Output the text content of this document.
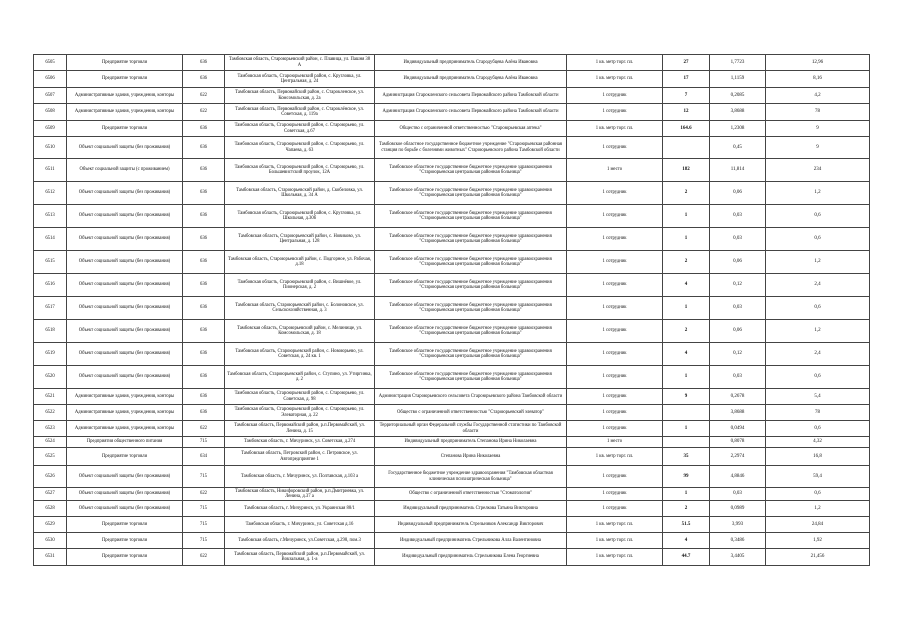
6505	Предприятие торговли	636	Тамбовская область, Староюрьевский район, с. Плавица, ул. Пашня 38 А	Индивидуальный предприниматель Стародубцева Алёна Ивановна	1 кв. метр торг. пл.	27	1,7723	12,96
6506	Предприятие торговли	636	Тамбовская область, Староюрьевский район, с. Кругловка, ул. Центральная, д. 24	Индивидуальный предприниматель Стародубцева Алёна Ивановна	1 кв. метр торг. пл.	17	1,1159	8,16
6507	Административные здания, учреждения, конторы	622	Тамбовская область, Первомайский район, с. Старокленское, ул. Комсомольская, д. 2а	Администрация Старокленского сельсовета Первомайского района Тамбовской области	1 сотрудник	7	0,2085	4,2
6508	Административные здания, учреждения, конторы	622	Тамбовская область, Первомайский район, с. Староклёнское, ул. Советская, д. 119а	Администрация Старокленского сельсовета Первомайского района Тамбовской области	1 сотрудник	12	3,8688	78
6509	Предприятие торговли	636	Тамбовская область, Староюрьевский район, с. Староюрьево, ул. Советская, д.67	Общество с ограниченной ответственностью "Староюрьевская аптека"	1 кв. метр торг. пл.	164.6	1,2308	9
6510	Объект социальной защиты (без проживания)	636	Тамбовская область, Староюрьевский район, с. Староюрьево, ул. Чапаева, д. 63	Тамбовское областное государственное бюджетное учреждение "Староюрьевская районная станция по борьбе с болезнями животных" Староюрьевского района Тамбовской области	1 сотрудник		0,45	9
6511	Объект социальной защиты (с проживанием)	636	Тамбовская область, Староюрьевский район, с. Староюрьево, ул. Большевистский проулок, 12А	Тамбовское областное государственное бюджетное учреждение здравоохранения "Староюрьевская центральная районная больница"	1 место	182	11,814	234
6512	Объект социальной защиты (без проживания)	636	Тамбовская область, Староюрьевский район, д. Скобеловка, ул. Школьная, д. 34 А	Тамбовское областное государственное бюджетное учреждение здравоохранения "Староюрьевская центральная районная больница"	1 сотрудник	2	0,06	1,2
6513	Объект социальной защиты (без проживания)	636	Тамбовская область, Староюрьевский район, с. Кругловка, ул. Школьная, д.30б	Тамбовское областное государственное бюджетное учреждение здравоохранения "Староюрьевская центральная районная больница"	1 сотрудник	1	0,03	0,6
6514	Объект социальной защиты (без проживания)	636	Тамбовская область, Староюрьевский район, с. Новиково, ул. Центральная, д. 128	Тамбовское областное государственное бюджетное учреждение здравоохранения "Староюрьевская центральная районная больница"	1 сотрудник	1	0,03	0,6
6515	Объект социальной защиты (без проживания)	636	Тамбовская область, Староюрьевский район, с. Подгорное, ул. Рабочая, д.18	Тамбовское областное государственное бюджетное учреждение здравоохранения "Староюрьевская центральная районная больница"	1 сотрудник	2	0,06	1,2
6516	Объект социальной защиты (без проживания)	636	Тамбовская область, Староюрьевский район, с. Вишнёвое, ул. Пионерская, д. 2	Тамбовское областное государственное бюджетное учреждение здравоохранения "Староюрьевская центральная районная больница"	1 сотрудник	4	0,12	2,4
6517	Объект социальной защиты (без проживания)	636	Тамбовская область, Староюрьевский район, с. Болоновское, ул. Сельскохозяйственная, д. 3	Тамбовское областное государственное бюджетное учреждение здравоохранения "Староюрьевская центральная районная больница"	1 сотрудник	1	0,03	0,6
6518	Объект социальной защиты (без проживания)	636	Тамбовская область, Староюрьевский район, с. Мелинище, ул. Комсомольская, д. 18	Тамбовское областное государственное бюджетное учреждение здравоохранения "Староюрьевская центральная районная больница"	1 сотрудник	2	0,06	1,2
6519	Объект социальной защиты (без проживания)	636	Тамбовская область, Староюрьевский район, с. Новоюрьево, ул. Советская, д. 24 кв. 1	Тамбовское областное государственное бюджетное учреждение здравоохранения "Староюрьевская центральная районная больница"	1 сотрудник	4	0,12	2,4
6520	Объект социальной защиты (без проживания)	636	Тамбовская область, Староюрьевский район, с. Ступино, ул. Утиргинка, д. 2	Тамбовское областное государственное бюджетное учреждение здравоохранения "Староюрьевская центральная районная больница"	1 сотрудник	1	0,03	0,6
6521	Административные здания, учреждения, конторы	636	Тамбовская область, Староюрьевский район, с. Староюрьево, ул. Советская, д. 98	Администрация Староюрьевского сельсовета Староюрьевского района Тамбовской области	1 сотрудник	9	0,2678	5,4
6522	Административные здания, учреждения, конторы	636	Тамбовская область, Староюрьевский район, с. Староюрьево, ул. Элеваторная, д. 22	Общество с ограниченной ответственностью "Староюрьевский элеватор"	1 сотрудник		3,8688	78
6523	Административные здания, учреждения, конторы	622	Тамбовская область, Первомайский район, р.п.Первомайский, ул. Ленина, д. 15	Территориальный орган Федеральной службы Государственной статистики по Тамбовской области	1 сотрудник	1	0,0494	0,6
6524	Предприятия общественного питания	715	Тамбовская область, г. Мичуринск, ул. Советская, д.274	Индивидуальный предприниматель Степанова Ирина Николаевна	1 место		0,8078	4,32
6525	Предприятие торговли	634	Тамбовская область, Петровский район, с. Петровское, ул. Автопредприятие 1	Степанова Ирина Николаевна	1 кв. метр торг. пл.	35	2,2974	16,8
6526	Объект социальной защиты (без проживания)	715	Тамбовская область, г. Мичуринск, ул. Полтавская, д.103 а	Государственное бюджетное учреждение здравоохранения "Тамбовская областная клиническая психиатрическая больница"	1 сотрудник	99	4,8846	59,4
6527	Объект социальной защиты (без проживания)	622	Тамбовская область, Никифоровский район, р.п.Дмитриевка, ул. Ленина, д.37 а	Общество с ограниченной ответственностью "Стоматология"	1 сотрудник	1	0,03	0,6
6528	Объект социальной защиты (без проживания)	715	Тамбовская область, г. Мичуринск, ул. Украинская 88/1	Индивидуальный предприниматель Стрелкова Татьяна Викторовна	1 сотрудник	2	0,0989	1,2
6529	Предприятие торговли	715	Тамбовская область, г. Мичуринск, ул. Советская д.16	Индивидуальный предприниматель Стрельников Александр Викторович	1 кв. метр торг. пл.	51.5	3,993	24,84
6530	Предприятие торговли	715	Тамбовская область, г.Мичуринск, ул.Советская, д.298, пом.3	Индивидуальный предприниматель Стрельникова Алла Валентиновна	1 кв. метр торг. пл.	4	0,3486	1,92
6531	Предприятие торговли	622	Тамбовская область, Первомайский район, р.п.Первомайский, ул. Вокзальная, д. 1-а	Индивидуальный предприниматель Стрельникова Елена Георгиевна	1 кв. метр торг. пл.	44.7	3,4405	21,456
